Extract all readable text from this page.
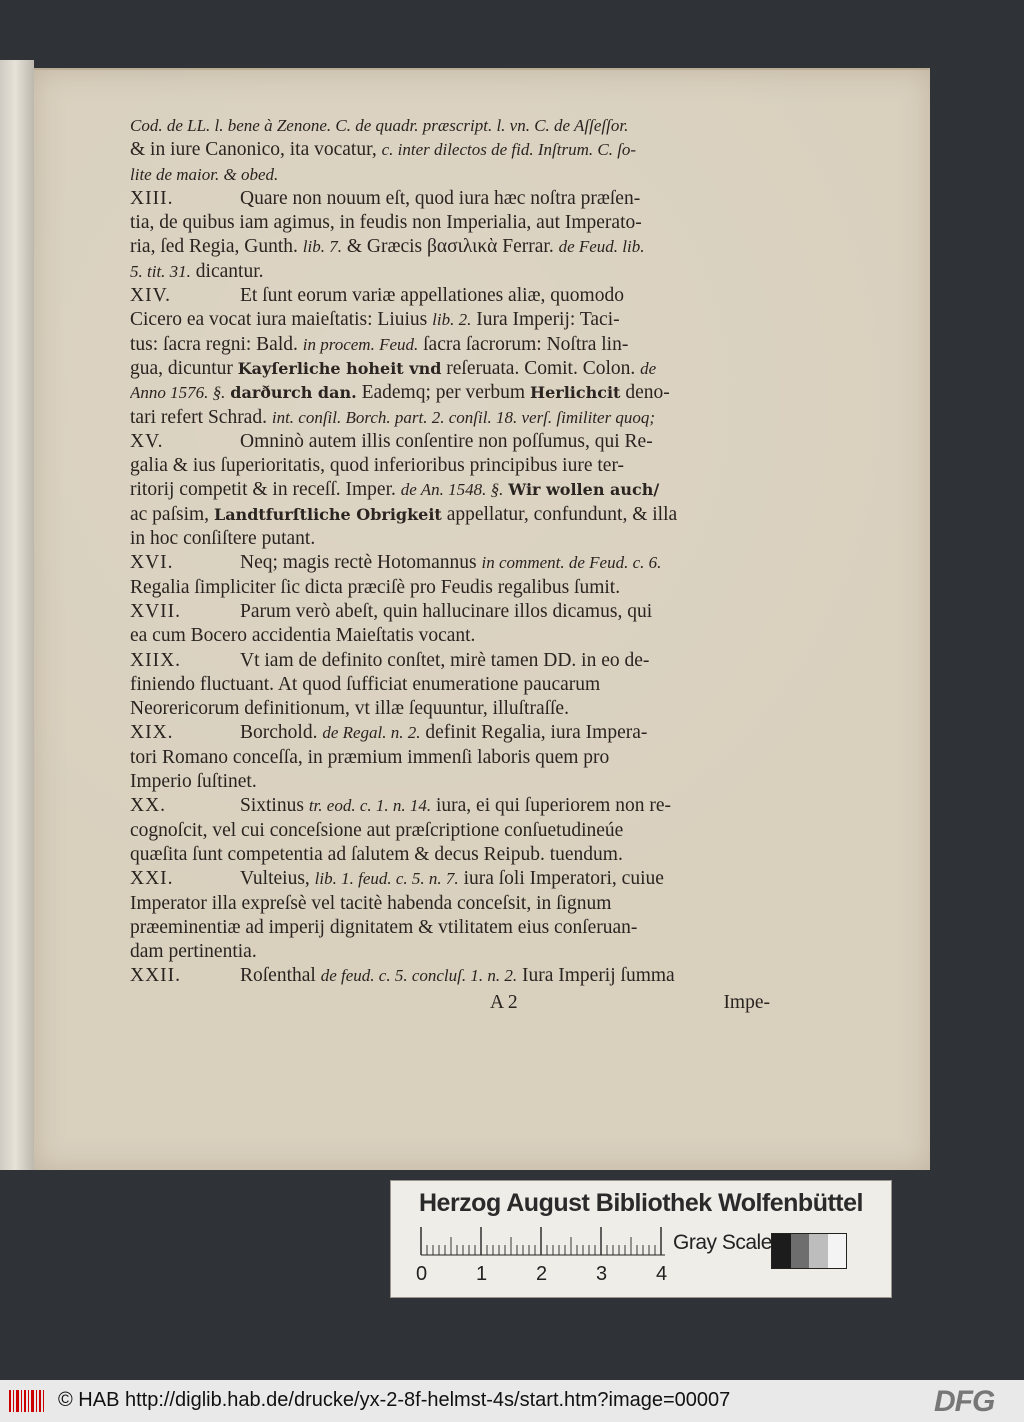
Cod. de LL. l. bene à Zenone. C. de quadr. præscript. l. vn. C. de Aſſeſſor.
& in iure Canonico, ita vocatur, c. inter dilectos de fid. Inſtrum. C. ſo-
lite de maior. & obed.
XIII.	Quare non nouum eſt, quod iura hæc noſtra præſen-
tia, de quibus iam agimus, in feudis non Imperialia, aut Imperato-
ria, ſed Regia, Gunth. lib. 7. & Græcis βασιλικὰ Ferrar. de Feud. lib.
5. tit. 31. dicantur.
XIV.	Et ſunt eorum variæ appellationes aliæ, quomodo
Cicero ea vocat iura maieſtatis: Liuius lib. 2. Iura Imperij: Taci-
tus: ſacra regni: Bald. in procem. Feud. ſacra ſacrorum: Noſtra lin-
gua, dicuntur Kayſerliche hoheit vnd reſeruata. Comit. Colon. de
Anno 1576. §. darðurch dan. Eademq; per verbum Herlichcit deno-
tari refert Schrad. int. conſil. Borch. part. 2. conſil. 18. verſ. ſimiliter quoq;
XV.	Omninò autem illis conſentire non poſſumus, qui Re-
galia & ius ſuperioritatis, quod inferioribus principibus iure ter-
ritorij competit & in receſſ. Imper. de An. 1548. §. Wir wollen auch/
ac paſsim, Landtfurſtliche Obrigkeit appellatur, confundunt, & illa
in hoc conſiſtere putant.
XVI.	Neq; magis rectè Hotomannus in comment. de Feud. c. 6.
Regalia ſimpliciter ſic dicta præciſè pro Feudis regalibus ſumit.
XVII.	Parum verò abeſt, quin hallucinare illos dicamus, qui
ea cum Bocero accidentia Maieſtatis vocant.
XIIX.	Vt iam de definito conſtet, mirè tamen DD. in eo de-
finiendo fluctuant. At quod ſufficiat enumeratione paucarum
Neorericorum definitionum, vt illæ ſequuntur, illuſtraſſe.
XIX.	Borchold. de Regal. n. 2. definit Regalia, iura Impera-
tori Romano conceſſa, in præmium immenſi laboris quem pro
Imperio ſuſtinet.
XX.	Sixtinus tr. eod. c. 1. n. 14. iura, ei qui ſuperiorem non re-
cognoſcit, vel cui conceſsione aut præſcriptione conſuetudineúe
quæſita ſunt competentia ad ſalutem & decus Reipub. tuendum.
XXI.	Vulteius, lib. 1. feud. c. 5. n. 7. iura ſoli Imperatori, cuiue
Imperator illa expreſsè vel tacitè habenda conceſsit, in ſignum
præeminentiæ ad imperij dignitatem & vtilitatem eius conſeruan-
dam pertinentia.
XXII.	Roſenthal de feud. c. 5. concluſ. 1. n. 2. Iura Imperij ſumma
A 2	Impe-
Herzog August Bibliothek Wolfenbüttel
0 1 2 3 4
Gray Scale
© HAB http://diglib.hab.de/drucke/yx-2-8f-helmst-4s/start.htm?image=00007	DFG
